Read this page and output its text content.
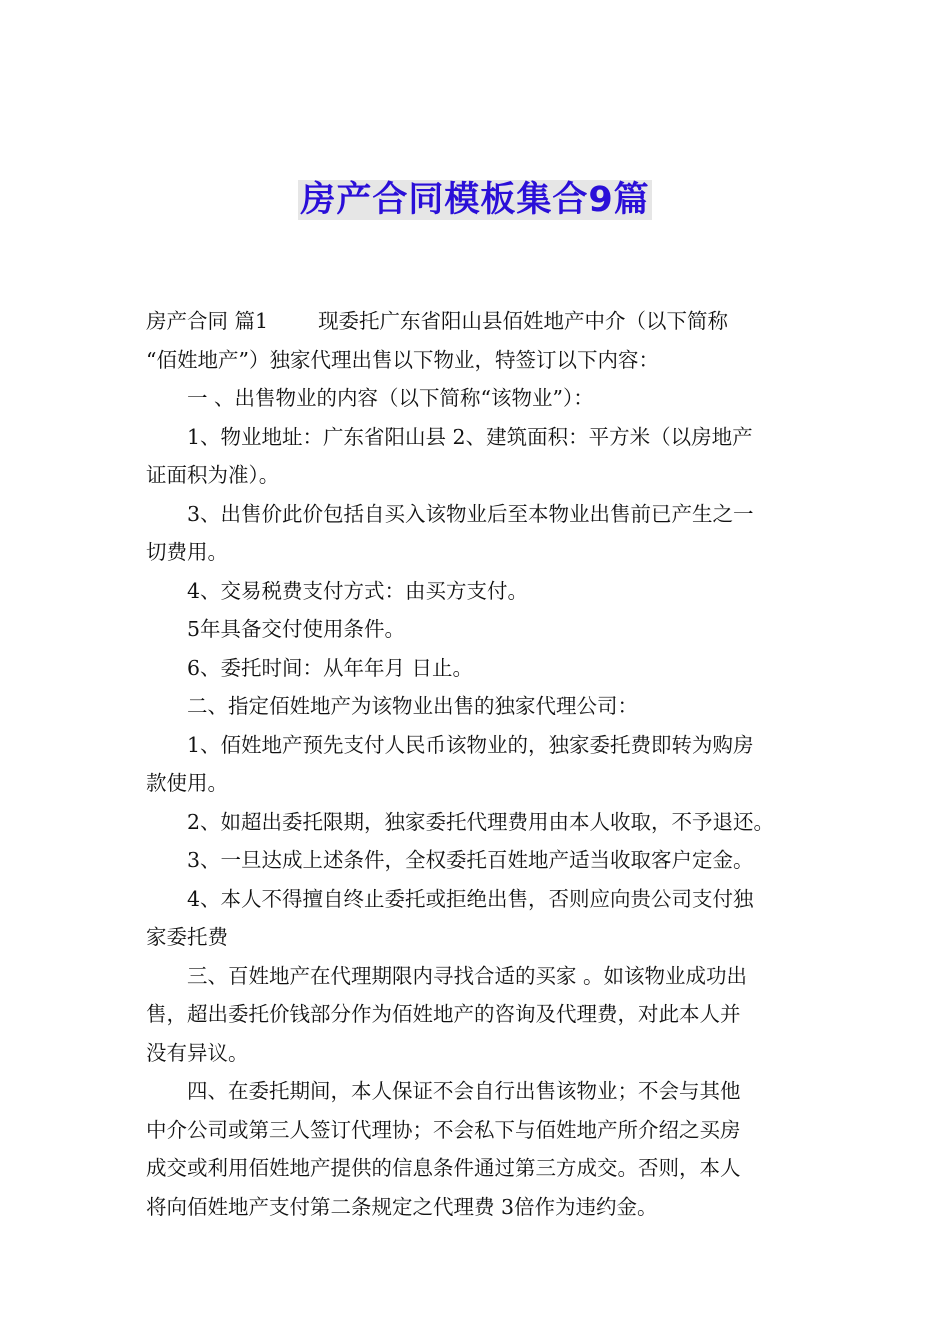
房产合同模板集合9篇

房产合同 篇1 现委托广东省阳山县佰姓地产中介（以下简称

“佰姓地产”）独家代理出售以下物业，特签订以下内容：

一 、出售物业的内容（以下简称“该物业”）：

1、物业地址：广东省阳山县 2、建筑面积：平方米（以房地产

证面积为准）。

3、出售价此价包括自买入该物业后至本物业出售前已产生之一

切费用。

4、交易税费支付方式：由买方支付。

5年具备交付使用条件。

6、委托时间：从年年月 日止。

二、指定佰姓地产为该物业出售的独家代理公司：

1、佰姓地产预先支付人民币该物业的，独家委托费即转为购房

款使用。

2、如超出委托限期，独家委托代理费用由本人收取，不予退还。

3、一旦达成上述条件，全权委托百姓地产适当收取客户定金。

4、本人不得擅自终止委托或拒绝出售，否则应向贵公司支付独

家委托费

三、百姓地产在代理期限内寻找合适的买家 。如该物业成功出

售，超出委托价钱部分作为佰姓地产的咨询及代理费，对此本人并

没有异议。

四、在委托期间，本人保证不会自行出售该物业；不会与其他

中介公司或第三人签订代理协；不会私下与佰姓地产所介绍之买房

成交或利用佰姓地产提供的信息条件通过第三方成交。否则，本人

将向佰姓地产支付第二条规定之代理费 3倍作为违约金。
